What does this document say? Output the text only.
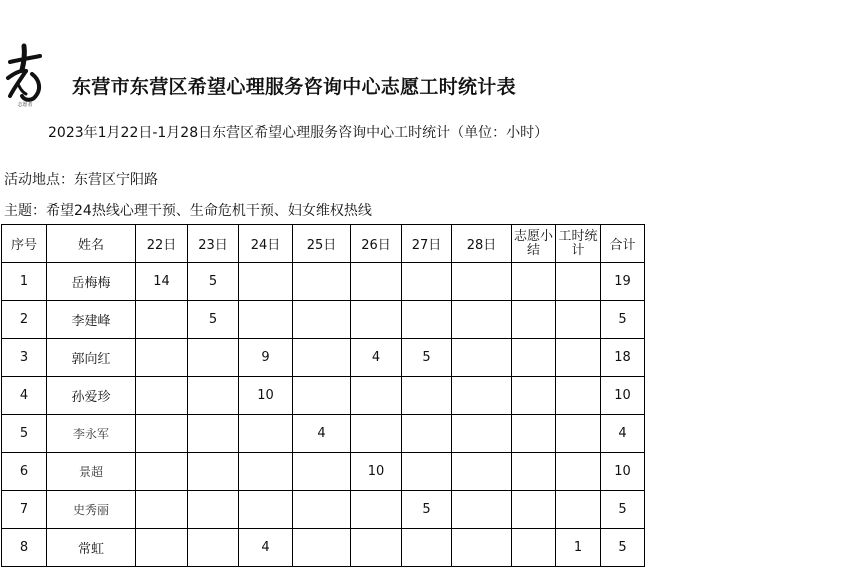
志愿者
东营市东营区希望心理服务咨询中心志愿工时统计表
2023年1月22日-1月28日东营区希望心理服务咨询中心工时统计（单位：小时）
活动地点：东营区宁阳路
主题：希望24热线心理干预、生命危机干预、妇女维权热线
序号	姓名	22日	23日	24日	25日	26日	27日	28日	志愿小结	工时统计	合计
1	岳梅梅	14	5								19
2	李建峰		5								5
3	郭向红			9		4	5				18
4	孙爱珍			10							10
5	李永军				4						4
6	景超					10					10
7	史秀丽						5				5
8	常虹			4						1	5
